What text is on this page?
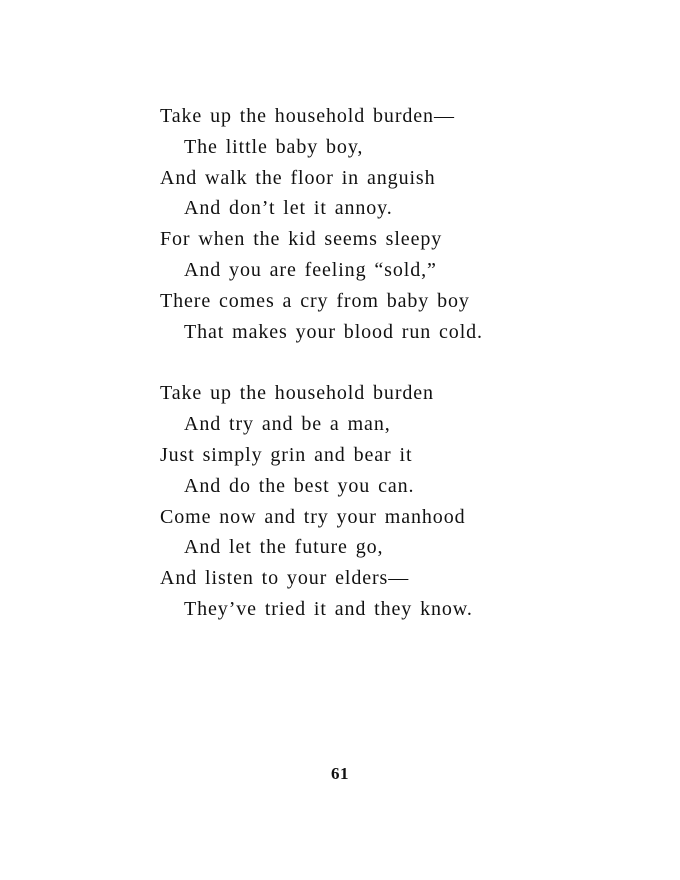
Take up the household burden—
The little baby boy,
And walk the floor in anguish
And don’t let it annoy.
For when the kid seems sleepy
And you are feeling “sold,”
There comes a cry from baby boy
That makes your blood run cold.
Take up the household burden
And try and be a man,
Just simply grin and bear it
And do the best you can.
Come now and try your manhood
And let the future go,
And listen to your elders—
They’ve tried it and they know.
61
